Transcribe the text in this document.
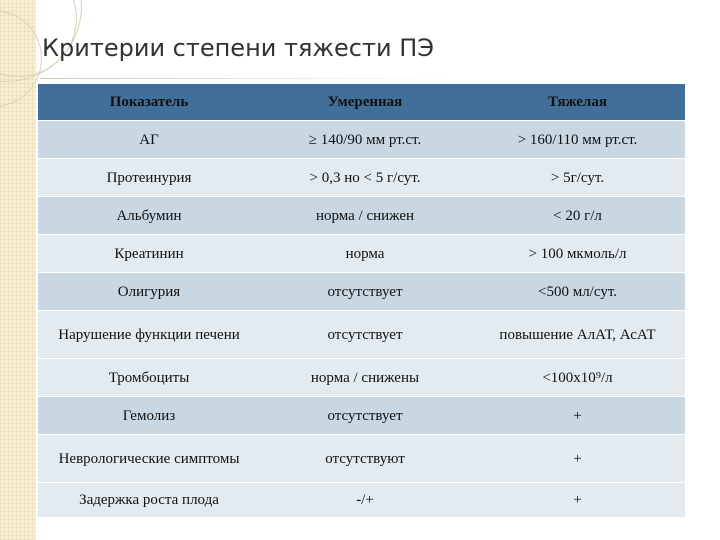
Критерии степени тяжести ПЭ
Показатель	Умеренная	Тяжелая
АГ	≥ 140/90 мм рт.ст.	> 160/110 мм рт.ст.
Протеинурия	> 0,3 но < 5 г/сут.	> 5г/сут.
Альбумин	норма / снижен	< 20 г/л
Креатинин	норма	> 100 мкмоль/л
Олигурия	отсутствует	<500 мл/сут.
Нарушение функции печени	отсутствует	повышение АлАТ, АсАТ
Тромбоциты	норма / снижены	<100х10⁹/л
Гемолиз	отсутствует	+
Неврологические симптомы	отсутствуют	+
Задержка роста плода	-/+	+
